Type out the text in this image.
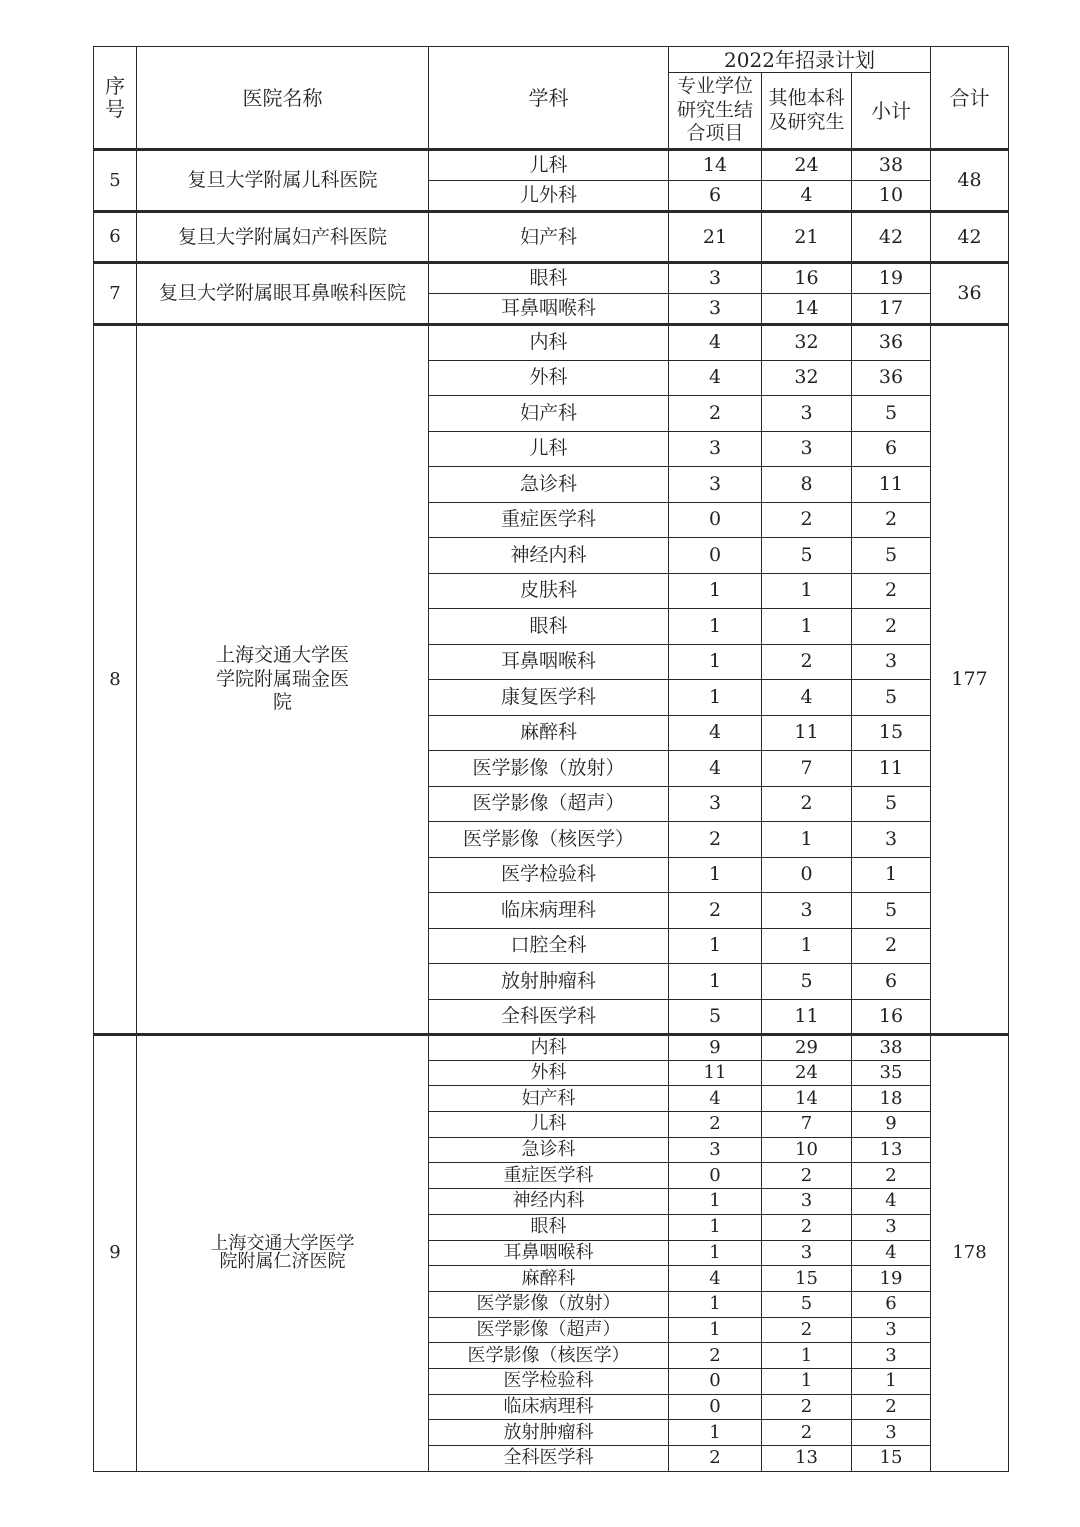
序
号	医院名称	学科	2022年招录计划			合计
			专业学位研究生结合项目	其他本科及研究生	小计	
5	复旦大学附属儿科医院	儿科	14	24	38	48
		儿外科	6	4	10	
6	复旦大学附属妇产科医院	妇产科	21	21	42	42
7	复旦大学附属眼耳鼻喉科医院	眼科	3	16	19	36
		耳鼻咽喉科	3	14	17	
8	上海交通大学医学院附属瑞金医院	内科	4	32	36	177
		外科	4	32	36	
		妇产科	2	3	5	
		儿科	3	3	6	
		急诊科	3	8	11	
		重症医学科	0	2	2	
		神经内科	0	5	5	
		皮肤科	1	1	2	
		眼科	1	1	2	
		耳鼻咽喉科	1	2	3	
		康复医学科	1	4	5	
		麻醉科	4	11	15	
		医学影像（放射）	4	7	11	
		医学影像（超声）	3	2	5	
		医学影像（核医学）	2	1	3	
		医学检验科	1	0	1	
		临床病理科	2	3	5	
		口腔全科	1	1	2	
		放射肿瘤科	1	5	6	
		全科医学科	5	11	16	
9	上海交通大学医学院附属仁济医院	内科	9	29	38	178
		外科	11	24	35	
		妇产科	4	14	18	
		儿科	2	7	9	
		急诊科	3	10	13	
		重症医学科	0	2	2	
		神经内科	1	3	4	
		眼科	1	2	3	
		耳鼻咽喉科	1	3	4	
		麻醉科	4	15	19	
		医学影像（放射）	1	5	6	
		医学影像（超声）	1	2	3	
		医学影像（核医学）	2	1	3	
		医学检验科	0	1	1	
		临床病理科	0	2	2	
		放射肿瘤科	1	2	3	
		全科医学科	2	13	15	
